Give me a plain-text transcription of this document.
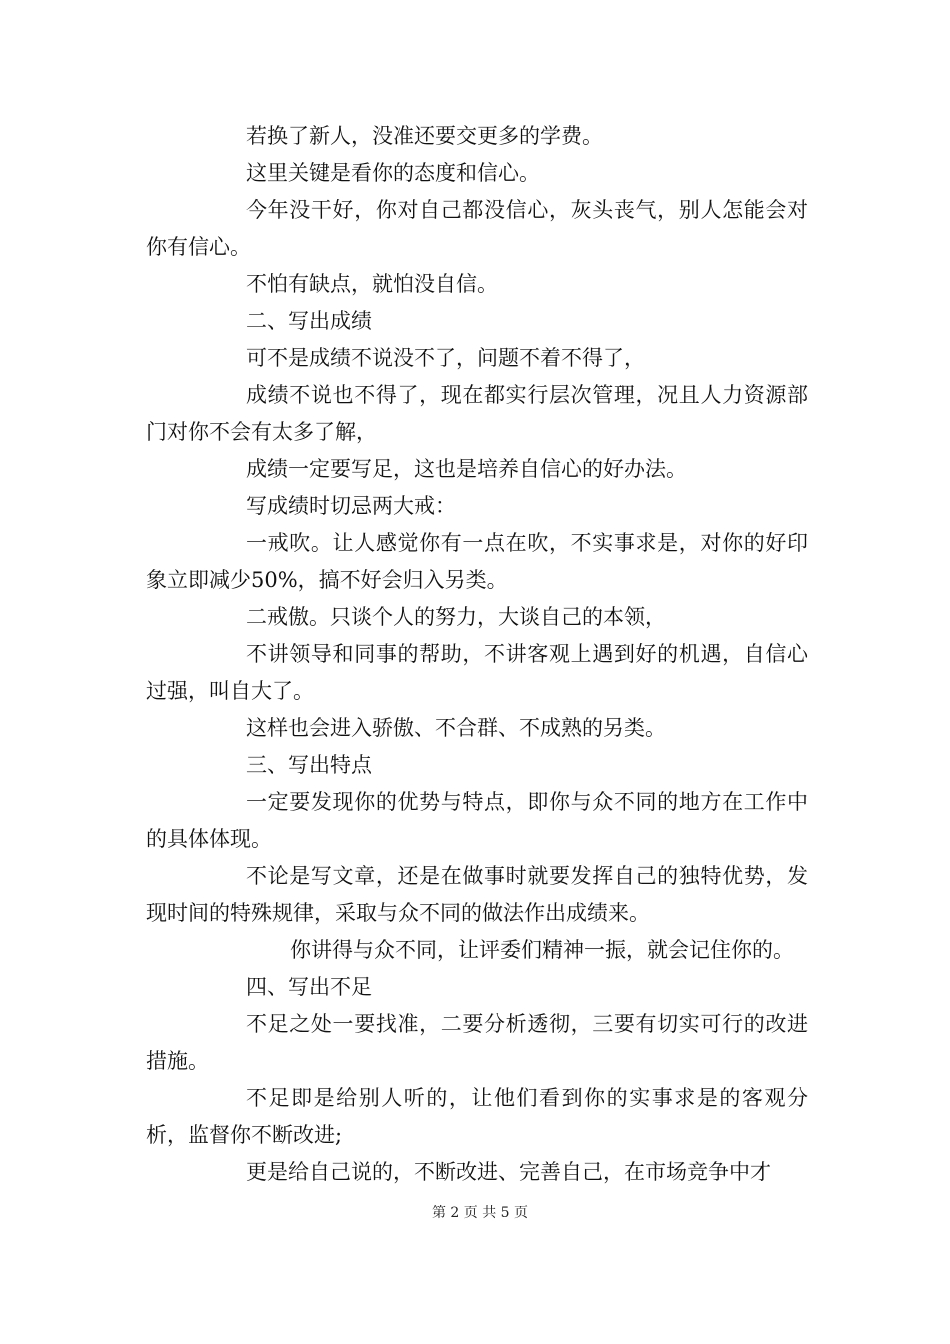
若换了新人，没准还要交更多的学费。

这里关键是看你的态度和信心。

今年没干好，你对自己都没信心，灰头丧气，别人怎能会对你有信心。

不怕有缺点，就怕没自信。

二、写出成绩

可不是成绩不说没不了，问题不着不得了，

成绩不说也不得了，现在都实行层次管理，况且人力资源部门对你不会有太多了解，

成绩一定要写足，这也是培养自信心的好办法。

写成绩时切忌两大戒：

一戒吹。让人感觉你有一点在吹，不实事求是，对你的好印象立即减少50%，搞不好会归入另类。

二戒傲。只谈个人的努力，大谈自己的本领，

不讲领导和同事的帮助，不讲客观上遇到好的机遇，自信心过强，叫自大了。

这样也会进入骄傲、不合群、不成熟的另类。

三、写出特点

一定要发现你的优势与特点，即你与众不同的地方在工作中的具体体现。

不论是写文章，还是在做事时就要发挥自己的独特优势，发现时间的特殊规律，采取与众不同的做法作出成绩来。

你讲得与众不同，让评委们精神一振，就会记住你的。

四、写出不足

不足之处一要找准，二要分析透彻，三要有切实可行的改进措施。

不足即是给别人听的，让他们看到你的实事求是的客观分析，监督你不断改进;

更是给自己说的，不断改进、完善自己，在市场竞争中才

第 2 页 共 5 页
